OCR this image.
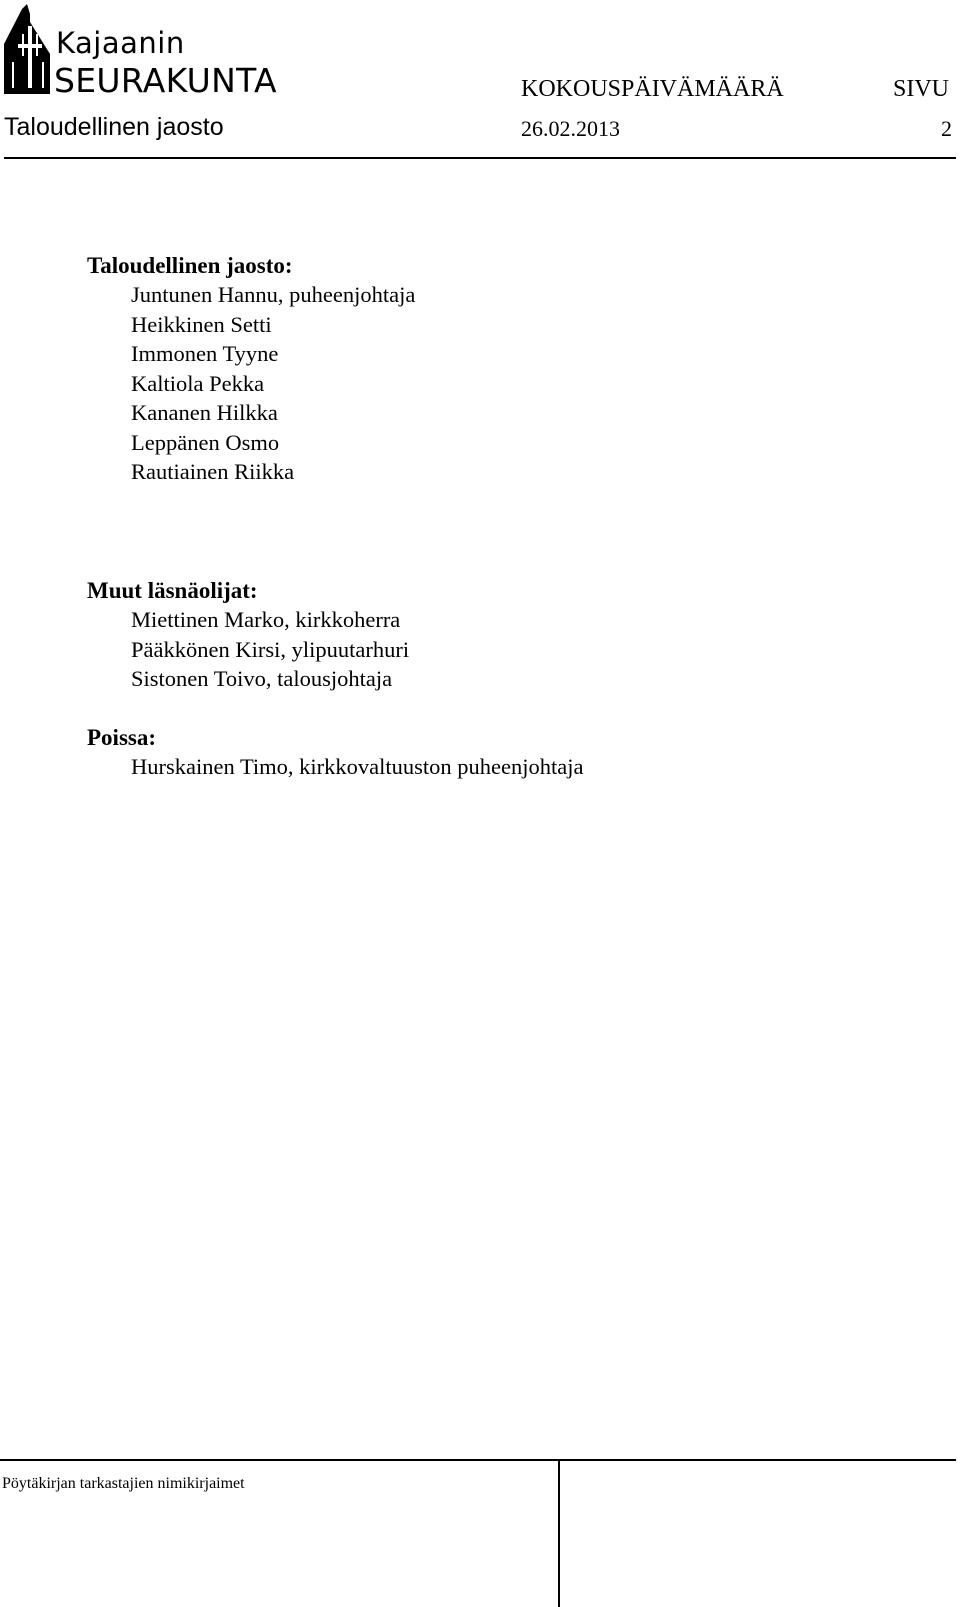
Kajaanin
SEURAKUNTA	KOKOUSPÄIVÄMÄÄRÄ	SIVU
Taloudellinen jaosto	26.02.2013	2
Taloudellinen jaosto:
Juntunen Hannu, puheenjohtaja
Heikkinen Setti
Immonen Tyyne
Kaltiola Pekka
Kananen Hilkka
Leppänen Osmo
Rautiainen Riikka
Muut läsnäolijat:
Miettinen Marko, kirkkoherra
Pääkkönen Kirsi, ylipuutarhuri
Sistonen Toivo, talousjohtaja
Poissa:
Hurskainen Timo, kirkkovaltuuston puheenjohtaja
Pöytäkirjan tarkastajien nimikirjaimet
